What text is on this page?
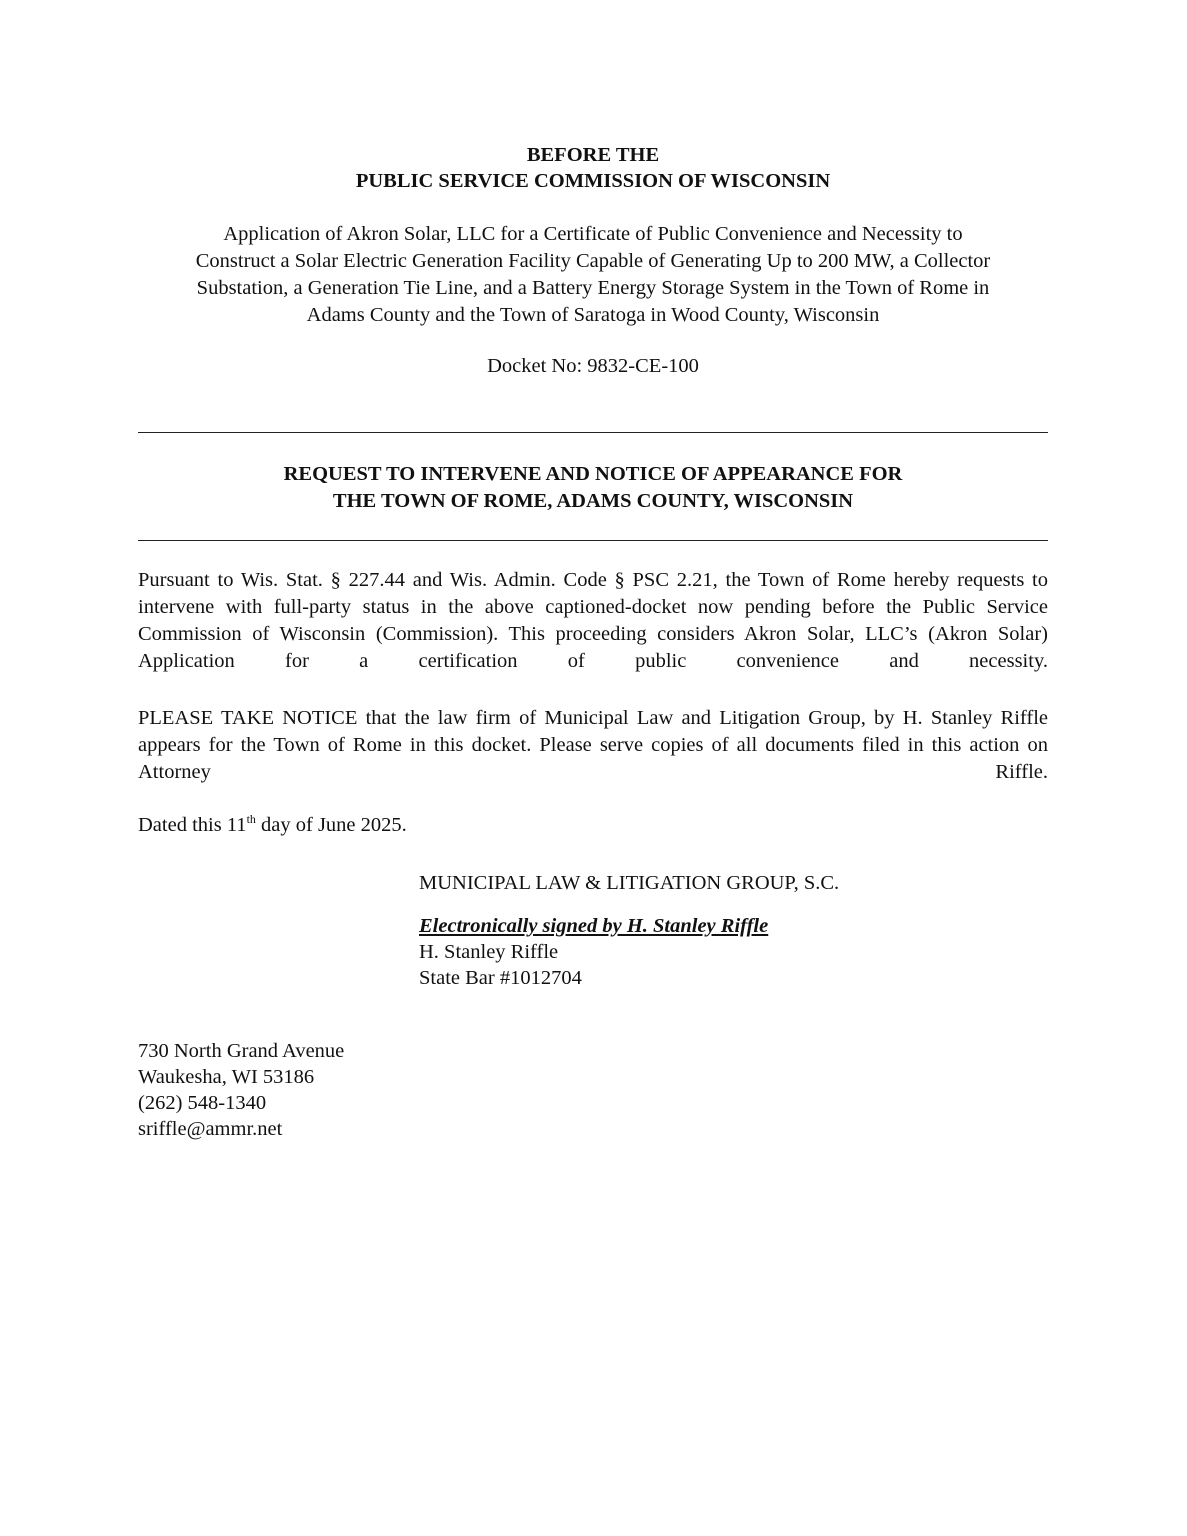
BEFORE THE
PUBLIC SERVICE COMMISSION OF WISCONSIN
Application of Akron Solar, LLC for a Certificate of Public Convenience and Necessity to
Construct a Solar Electric Generation Facility Capable of Generating Up to 200 MW, a Collector
Substation, a Generation Tie Line, and a Battery Energy Storage System in the Town of Rome in
Adams County and the Town of Saratoga in Wood County, Wisconsin
Docket No: 9832-CE-100
REQUEST TO INTERVENE AND NOTICE OF APPEARANCE FOR
THE TOWN OF ROME, ADAMS COUNTY, WISCONSIN
Pursuant to Wis. Stat. § 227.44 and Wis. Admin. Code § PSC 2.21, the Town of Rome hereby requests to intervene with full-party status in the above captioned-docket now pending before the Public Service Commission of Wisconsin (Commission). This proceeding considers Akron Solar, LLC’s (Akron Solar) Application for a certification of public convenience and necessity.
PLEASE TAKE NOTICE that the law firm of Municipal Law and Litigation Group, by H. Stanley Riffle appears for the Town of Rome in this docket. Please serve copies of all documents filed in this action on Attorney Riffle.
Dated this 11th day of June 2025.
MUNICIPAL LAW & LITIGATION GROUP, S.C.
Electronically signed by H. Stanley Riffle
H. Stanley Riffle
State Bar #1012704
730 North Grand Avenue
Waukesha, WI 53186
(262) 548-1340
sriffle@ammr.net
